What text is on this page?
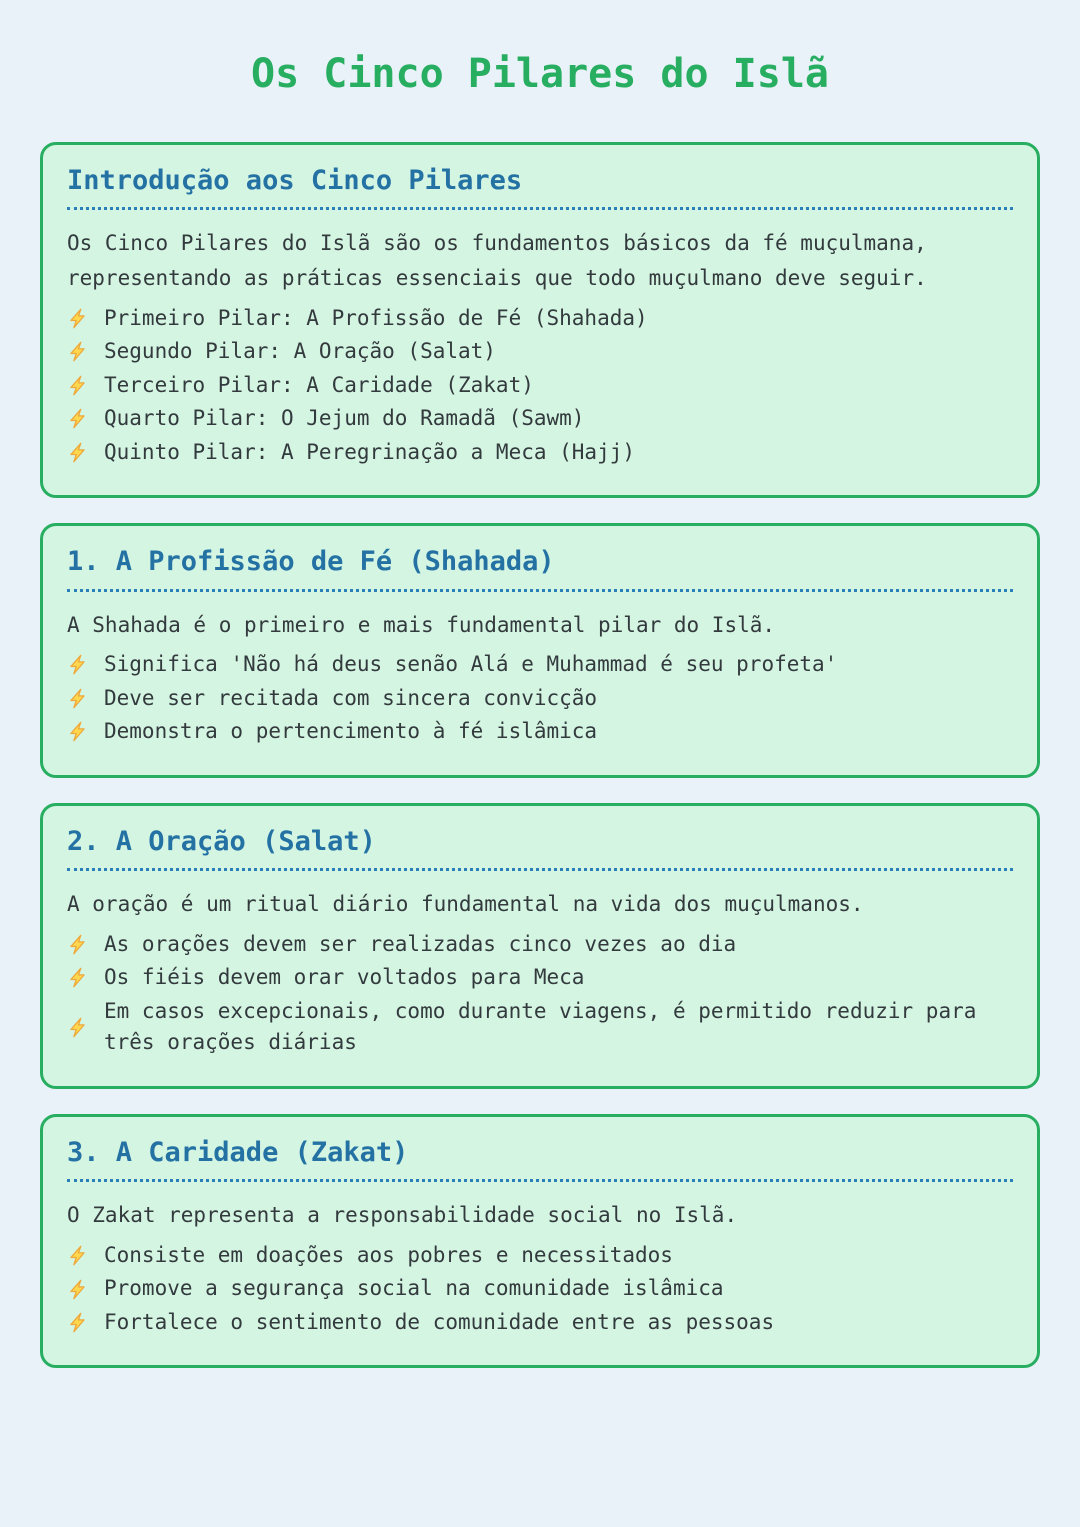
Os Cinco Pilares do Islã
Introdução aos Cinco Pilares

Os Cinco Pilares do Islã são os fundamentos básicos da fé muçulmana, representando as práticas essenciais que todo muçulmano deve seguir.

Primeiro Pilar: A Profissão de Fé (Shahada)
Segundo Pilar: A Oração (Salat)
Terceiro Pilar: A Caridade (Zakat)
Quarto Pilar: O Jejum do Ramadã (Sawm)
Quinto Pilar: A Peregrinação a Meca (Hajj)
1. A Profissão de Fé (Shahada)

A Shahada é o primeiro e mais fundamental pilar do Islã.

Significa 'Não há deus senão Alá e Muhammad é seu profeta'
Deve ser recitada com sincera convicção
Demonstra o pertencimento à fé islâmica
2. A Oração (Salat)

A oração é um ritual diário fundamental na vida dos muçulmanos.

As orações devem ser realizadas cinco vezes ao dia
Os fiéis devem orar voltados para Meca
Em casos excepcionais, como durante viagens, é permitido reduzir para três orações diárias
3. A Caridade (Zakat)

O Zakat representa a responsabilidade social no Islã.

Consiste em doações aos pobres e necessitados
Promove a segurança social na comunidade islâmica
Fortalece o sentimento de comunidade entre as pessoas
